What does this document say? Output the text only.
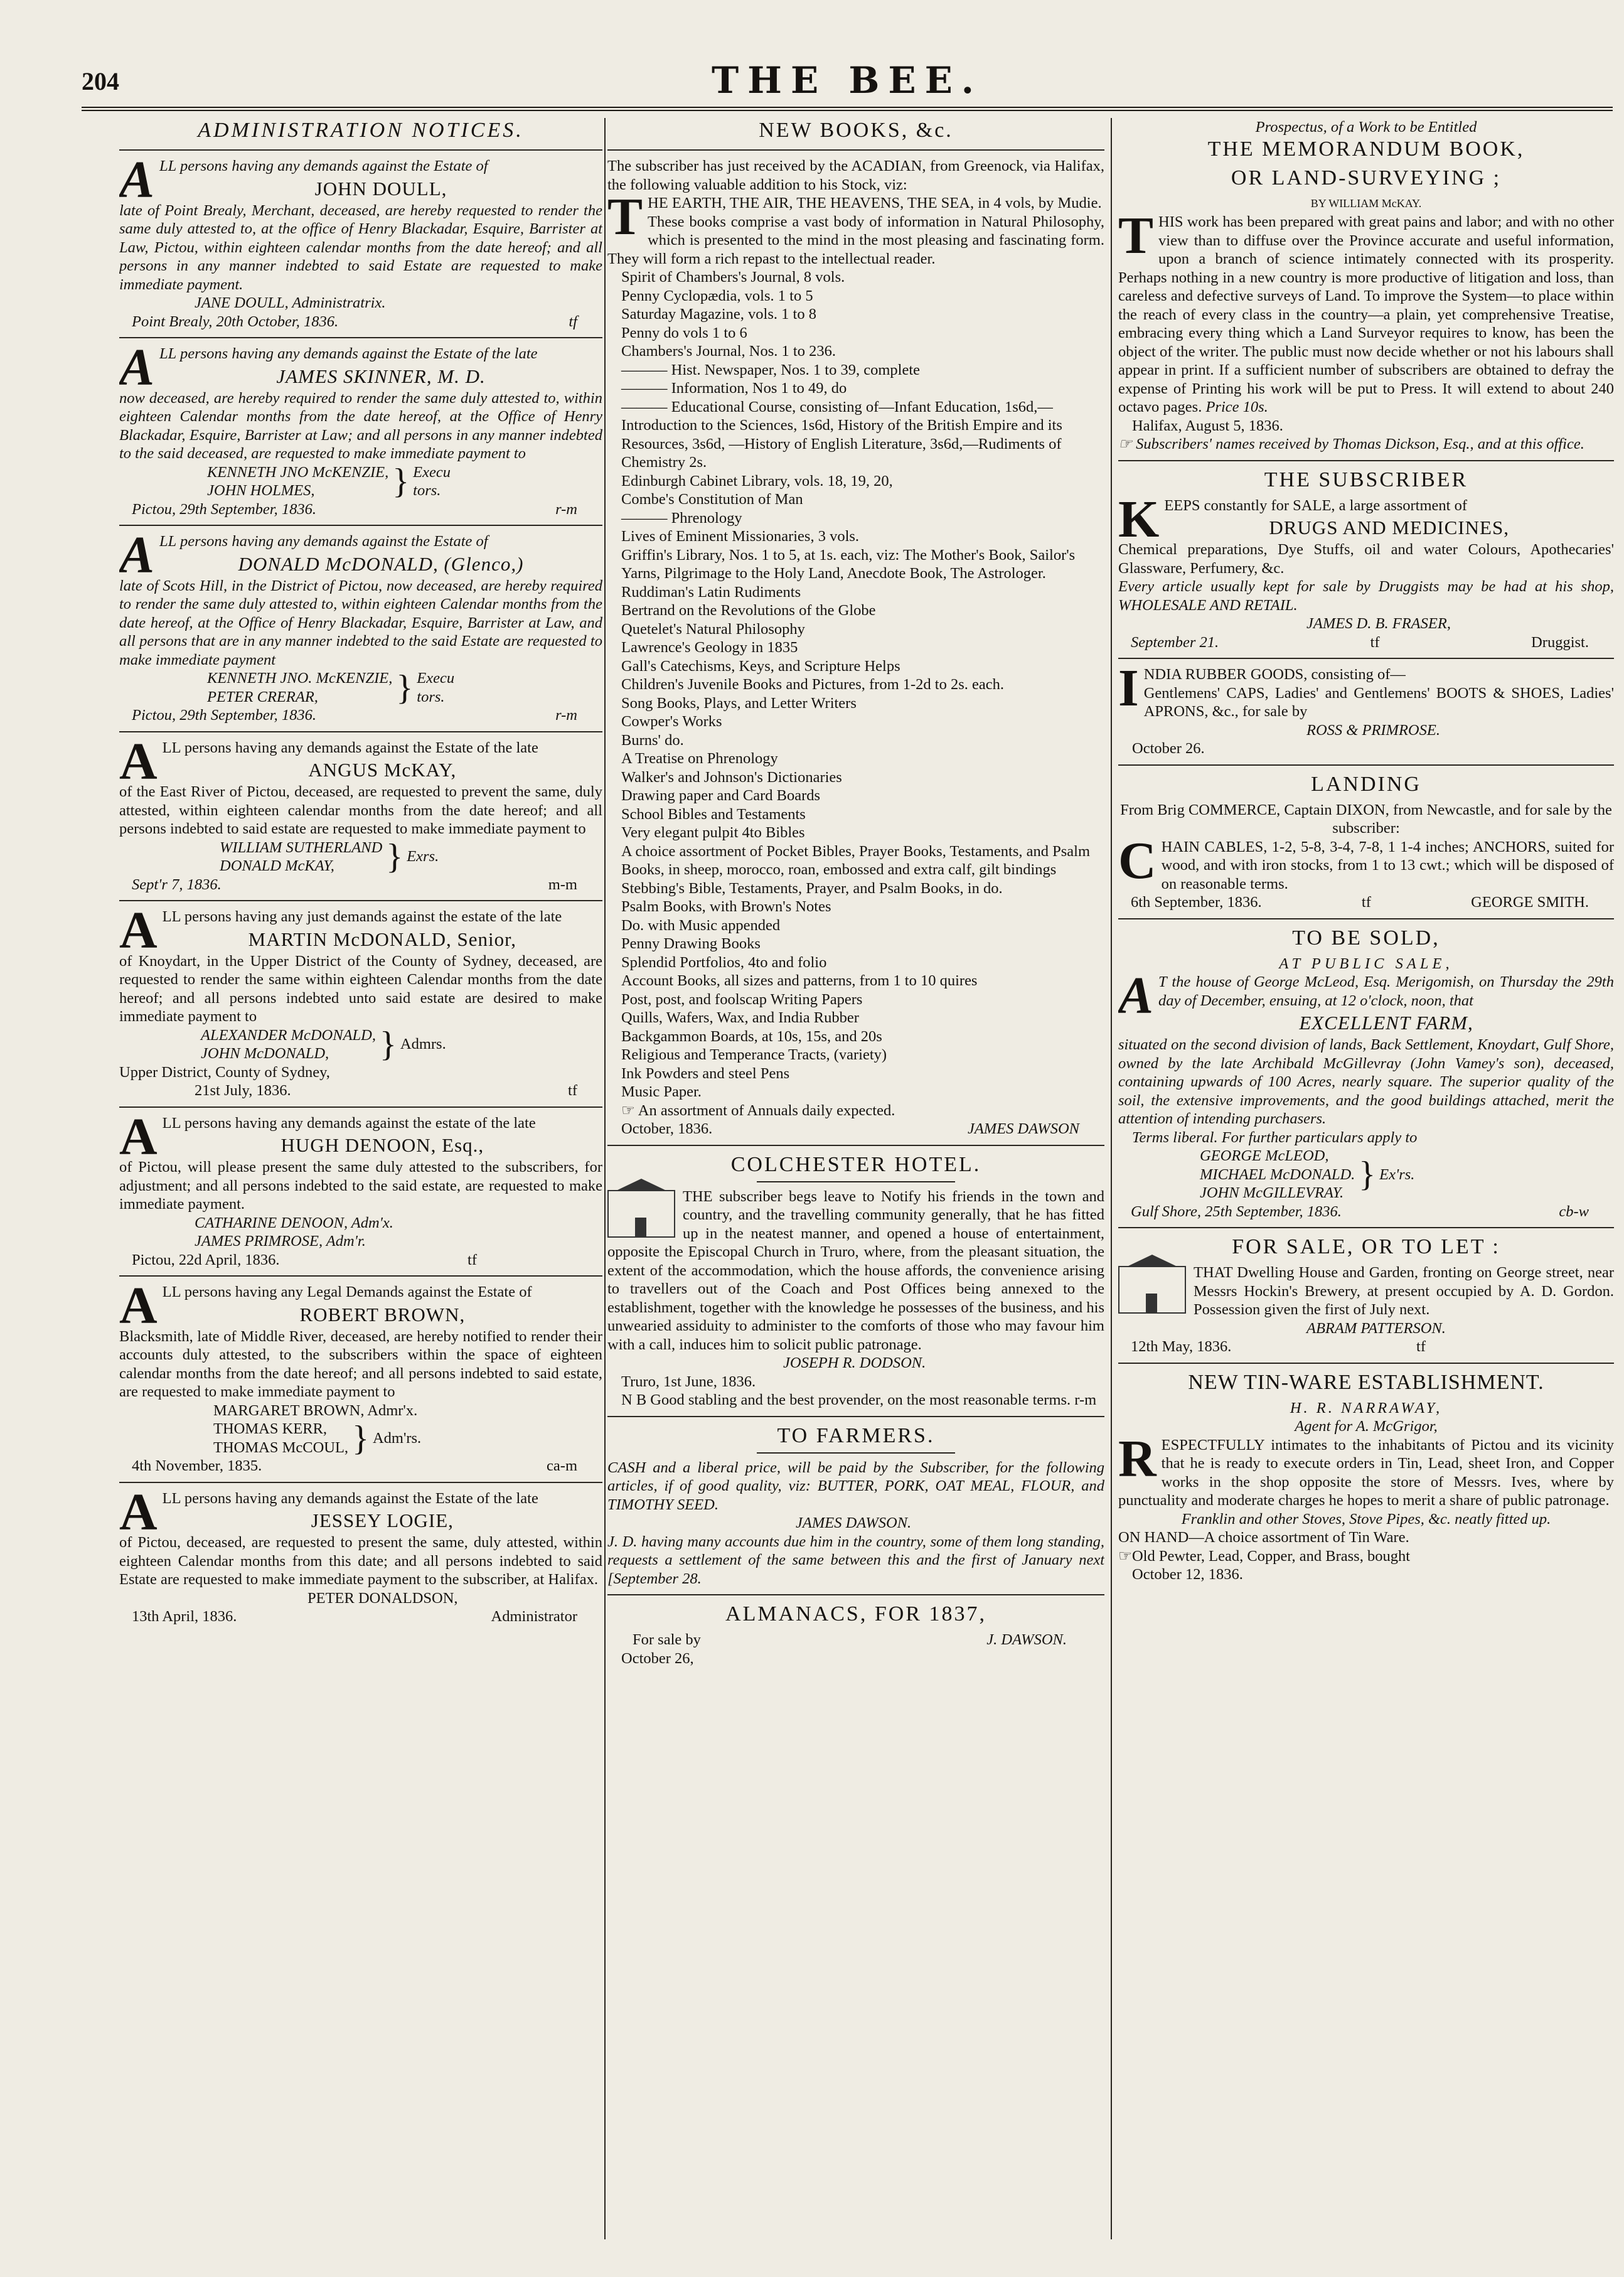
204	THE BEE.
ADMINISTRATION NOTICES.

ALL persons having any demands against the Estate of

JOHN DOULL,

late of Point Brealy, Merchant, deceased, are hereby requested to render the same duly attested to, at the office of Henry Blackadar, Esquire, Barrister at Law, Pictou, within eighteen calendar months from the date hereof; and all persons in any manner indebted to said Estate are requested to make immediate payment.

JANE DOULL, Administratrix.
Point Brealy, 20th October, 1836.	tf

ALL persons having any demands against the Estate of the late

JAMES SKINNER, M. D.

now deceased, are hereby required to render the same duly attested to, within eighteen Calendar months from the date hereof, at the Office of Henry Blackadar, Esquire, Barrister at Law; and all persons in any manner indebted to the said deceased, are requested to make immediate payment to

KENNETH JNO McKENZIE,
JOHN HOLMES,	} Execu tors.
Pictou, 29th September, 1836.	r-m

ALL persons having any demands against the Estate of

DONALD McDONALD, (Glenco,)

late of Scots Hill, in the District of Pictou, now deceased, are hereby required to render the same duly attested to, within eighteen Calendar months from the date hereof, at the Office of Henry Blackadar, Esquire, Barrister at Law, and all persons that are in any manner indebted to the said Estate are requested to make immediate payment

KENNETH JNO. McKENZIE,
PETER CRERAR,	} Execu tors.
Pictou, 29th September, 1836.	r-m

ALL persons having any demands against the Estate of the late

ANGUS McKAY,

of the East River of Pictou, deceased, are requested to prevent the same, duly attested, within eighteen calendar months from the date hereof; and all persons indebted to said estate are requested to make immediate payment to

WILLIAM SUTHERLAND
DONALD McKAY,	} Exrs.
Sept'r 7, 1836.	m-m

ALL persons having any just demands against the estate of the late

MARTIN McDONALD, Senior,

of Knoydart, in the Upper District of the County of Sydney, deceased, are requested to render the same within eighteen Calendar months from the date hereof; and all persons indebted unto said estate are desired to make immediate payment to

ALEXANDER McDONALD,
JOHN McDONALD,	} Admrs.
Upper District, County of Sydney,
21st July, 1836.	tf

ALL persons having any demands against the estate of the late

HUGH DENOON, Esq.,

of Pictou, will please present the same duly attested to the subscribers, for adjustment; and all persons indebted to the said estate, are requested to make immediate payment.

CATHARINE DENOON, Adm'x.
JAMES PRIMROSE, Adm'r.
Pictou, 22d April, 1836.	tf

ALL persons having any Legal Demands against the Estate of

ROBERT BROWN,

Blacksmith, late of Middle River, deceased, are hereby notified to render their accounts duly attested, to the subscribers within the space of eighteen calendar months from the date hereof; and all persons indebted to said estate, are requested to make immediate payment to

MARGARET BROWN, Admr'x.
THOMAS KERR,
THOMAS McCOUL, } Adm'rs.
4th November, 1835.	ca-m

ALL persons having any demands against the Estate of the late

JESSEY LOGIE,

of Pictou, deceased, are requested to present the same, duly attested, within eighteen Calendar months from this date; and all persons indebted to said Estate are requested to make immediate payment to the subscriber, at Halifax.

PETER DONALDSON,
13th April, 1836.	Administrator
NEW BOOKS, &c.

The subscriber has just received by the ACADIAN, from Greenock, via Halifax, the following valuable addition to his Stock, viz:

THE EARTH, THE AIR, THE HEAVENS, THE SEA, in 4 vols, by Mudie.

These books comprise a vast body of information in Natural Philosophy, which is presented to the mind in the most pleasing and fascinating form. They will form a rich repast to the intellectual reader.

Spirit of Chambers's Journal, 8 vols.
Penny Cyclopædia, vols. 1 to 5
Saturday Magazine, vols. 1 to 8
Penny do vols 1 to 6
Chambers's Journal, Nos. 1 to 236.
——— Hist. Newspaper, Nos. 1 to 39, complete
——— Information, Nos 1 to 49, do
——— Educational Course, consisting of—Infant Education, 1s6d,—Introduction to the Sciences, 1s6d, History of the British Empire and its Resources, 3s6d, —History of English Literature, 3s6d,—Rudiments of Chemistry 2s.
Edinburgh Cabinet Library, vols. 18, 19, 20,
Combe's Constitution of Man
——— Phrenology
Lives of Eminent Missionaries, 3 vols.
Griffin's Library, Nos. 1 to 5, at 1s. each, viz: The Mother's Book, Sailor's Yarns, Pilgrimage to the Holy Land, Anecdote Book, The Astrologer.
Ruddiman's Latin Rudiments
Bertrand on the Revolutions of the Globe
Quetelet's Natural Philosophy
Lawrence's Geology in 1835
Gall's Catechisms, Keys, and Scripture Helps
Children's Juvenile Books and Pictures, from 1-2d to 2s. each.
Song Books, Plays, and Letter Writers
Cowper's Works
Burns' do.
A Treatise on Phrenology
Walker's and Johnson's Dictionaries
Drawing paper and Card Boards
School Bibles and Testaments
Very elegant pulpit 4to Bibles
A choice assortment of Pocket Bibles, Prayer Books, Testaments, and Psalm Books, in sheep, morocco, roan, embossed and extra calf, gilt bindings
Stebbing's Bible, Testaments, Prayer, and Psalm Books, in do.
Psalm Books, with Brown's Notes
Do. with Music appended
Penny Drawing Books
Splendid Portfolios, 4to and folio
Account Books, all sizes and patterns, from 1 to 10 quires
Post, post, and foolscap Writing Papers
Quills, Wafers, Wax, and India Rubber
Backgammon Boards, at 10s, 15s, and 20s
Religious and Temperance Tracts, (variety)
Ink Powders and steel Pens
Music Paper.
☞ An assortment of Annuals daily expected.
October, 1836.	JAMES DAWSON
COLCHESTER HOTEL.

THE subscriber begs leave to Notify his friends in the town and country, and the travelling community generally, that he has fitted up in the neatest manner, and opened a house of entertainment, opposite the Episcopal Church in Truro, where, from the pleasant situation, the extent of the accommodation, which the house affords, the convenience arising to travellers out of the Coach and Post Offices being annexed to the establishment, together with the knowledge he possesses of the business, and his unwearied assiduity to administer to the comforts of those who may favour him with a call, induces him to solicit public patronage.

JOSEPH R. DODSON.
Truro, 1st June, 1836.

N B Good stabling and the best provender, on the most reasonable terms. r-m

TO FARMERS.

CASH and a liberal price, will be paid by the Subscriber, for the following articles, if of good quality, viz: BUTTER, PORK, OAT MEAL, FLOUR, and TIMOTHY SEED.

JAMES DAWSON.

J. D. having many accounts due him in the country, some of them long standing, requests a settlement of the same between this and the first of January next [September 28.

ALMANACS, FOR 1837,
For sale by	J. DAWSON.
October 26,
Prospectus, of a Work to be Entitled
THE MEMORANDUM BOOK,
OR LAND-SURVEYING ;
BY WILLIAM McKAY.

THIS work has been prepared with great pains and labor; and with no other view than to diffuse over the Province accurate and useful information, upon a branch of science intimately connected with its prosperity. Perhaps nothing in a new country is more productive of litigation and loss, than careless and defective surveys of Land. To improve the System—to place within the reach of every class in the country—a plain, yet comprehensive Treatise, embracing every thing which a Land Surveyor requires to know, has been the object of the writer. The public must now decide whether or not his labours shall appear in print. If a sufficient number of subscribers are obtained to defray the expense of Printing his work will be put to Press. It will extend to about 240 octavo pages. Price 10s.

Halifax, August 5, 1836.

☞ Subscribers' names received by Thomas Dickson, Esq., and at this office.

THE SUBSCRIBER

KEEPS constantly for SALE, a large assortment of

DRUGS AND MEDICINES,

Chemical preparations, Dye Stuffs, oil and water Colours, Apothecaries' Glassware, Perfumery, &c.

Every article usually kept for sale by Druggists may be had at his shop, WHOLESALE AND RETAIL.

JAMES D. B. FRASER,
September 21.	tf	Druggist.

INDIA RUBBER GOODS, consisting of—

Gentlemens' CAPS, Ladies' and Gentlemens' BOOTS & SHOES, Ladies' APRONS, &c., for sale by

ROSS & PRIMROSE.
October 26.
LANDING

From Brig COMMERCE, Captain DIXON, from Newcastle, and for sale by the subscriber:

CHAIN CABLES, 1-2, 5-8, 3-4, 7-8, 1 1-4 inches; ANCHORS, suited for wood, and with iron stocks, from 1 to 13 cwt.; which will be disposed of on reasonable terms.

6th September, 1836.	tf	GEORGE SMITH.
TO BE SOLD,
AT PUBLIC SALE,

A T the house of George McLeod, Esq. Merigomish, on Thursday the 29th day of December, ensuing, at 12 o'clock, noon, that

EXCELLENT FARM,

situated on the second division of lands, Back Settlement, Knoydart, Gulf Shore, owned by the late Archibald McGillevray (John Vamey's son), deceased, containing upwards of 100 Acres, nearly square. The superior quality of the soil, the extensive improvements, and the good buildings attached, merit the attention of intending purchasers.

Terms liberal. For further particulars apply to
GEORGE McLEOD,
MICHAEL McDONALD.
JOHN McGILLEVRAY. } Ex'rs.
Gulf Shore, 25th September, 1836.	cb-w
FOR SALE, OR TO LET :

THAT Dwelling House and Garden, fronting on George street, near Messrs Hockin's Brewery, at present occupied by A. D. Gordon. Possession given the first of July next.

ABRAM PATTERSON.
12th May, 1836.	tf
NEW TIN-WARE ESTABLISHMENT.
H. R. NARRAWAY,
Agent for A. McGrigor,

RESPECTFULLY intimates to the inhabitants of Pictou and its vicinity that he is ready to execute orders in Tin, Lead, sheet Iron, and Copper works in the shop opposite the store of Messrs. Ives, where by punctuality and moderate charges he hopes to merit a share of public patronage.

Franklin and other Stoves, Stove Pipes, &c. neatly fitted up.

ON HAND—A choice assortment of Tin Ware.
☞Old Pewter, Lead, Copper, and Brass, bought
October 12, 1836.
